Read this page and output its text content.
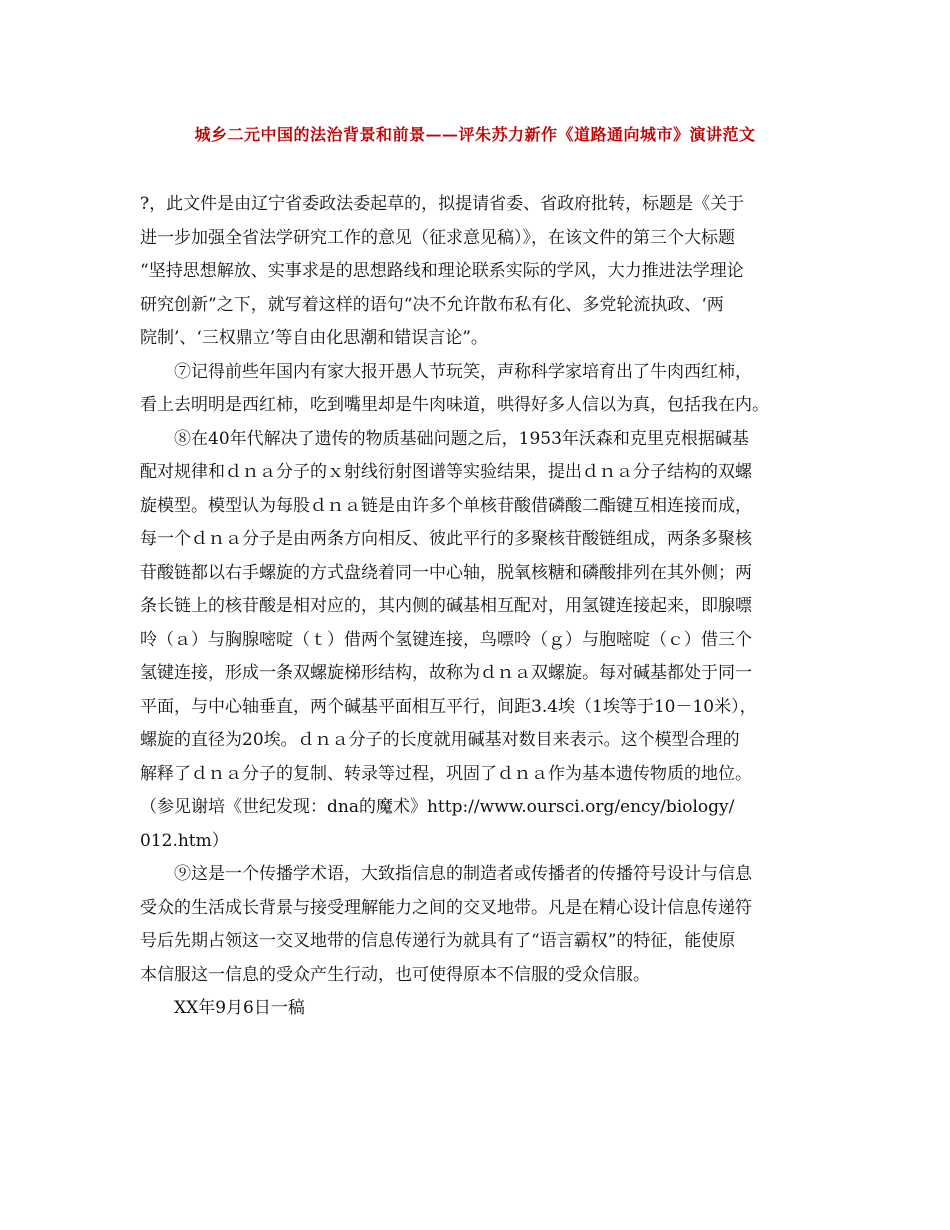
城乡二元中国的法治背景和前景——评朱苏力新作《道路通向城市》演讲范文

?，此文件是由辽宁省委政法委起草的，拟提请省委、省政府批转，标题是《关于
进一步加强全省法学研究工作的意见（征求意见稿）》，在该文件的第三个大标题
“坚持思想解放、实事求是的思想路线和理论联系实际的学风，大力推进法学理论
研究创新”之下，就写着这样的语句“决不允许散布私有化、多党轮流执政、‘两
院制’、‘三权鼎立’等自由化思潮和错误言论”。

⑦记得前些年国内有家大报开愚人节玩笑，声称科学家培育出了牛肉西红柿，
看上去明明是西红柿，吃到嘴里却是牛肉味道，哄得好多人信以为真，包括我在内。

⑧在40年代解决了遗传的物质基础问题之后，1953年沃森和克里克根据碱基
配对规律和ｄｎａ分子的ｘ射线衍射图谱等实验结果，提出ｄｎａ分子结构的双螺
旋模型。模型认为每股ｄｎａ链是由许多个单核苷酸借磷酸二酯键互相连接而成，
每一个ｄｎａ分子是由两条方向相反、彼此平行的多聚核苷酸链组成，两条多聚核
苷酸链都以右手螺旋的方式盘绕着同一中心轴，脱氧核糖和磷酸排列在其外侧；两
条长链上的核苷酸是相对应的，其内侧的碱基相互配对，用氢键连接起来，即腺嘌
呤（ａ）与胸腺嘧啶（ｔ）借两个氢键连接，鸟嘌呤（ｇ）与胞嘧啶（ｃ）借三个
氢键连接，形成一条双螺旋梯形结构，故称为ｄｎａ双螺旋。每对碱基都处于同一
平面，与中心轴垂直，两个碱基平面相互平行，间距3.4埃（1埃等于10－10米），
螺旋的直径为20埃。ｄｎａ分子的长度就用碱基对数目来表示。这个模型合理的
解释了ｄｎａ分子的复制、转录等过程，巩固了ｄｎａ作为基本遗传物质的地位。
（参见谢培《世纪发现：dna的魔术》http://www.oursci.org/ency/biology/
012.htm）

⑨这是一个传播学术语，大致指信息的制造者或传播者的传播符号设计与信息
受众的生活成长背景与接受理解能力之间的交叉地带。凡是在精心设计信息传递符
号后先期占领这一交叉地带的信息传递行为就具有了“语言霸权”的特征，能使原
本信服这一信息的受众产生行动，也可使得原本不信服的受众信服。

XX年9月6日一稿
